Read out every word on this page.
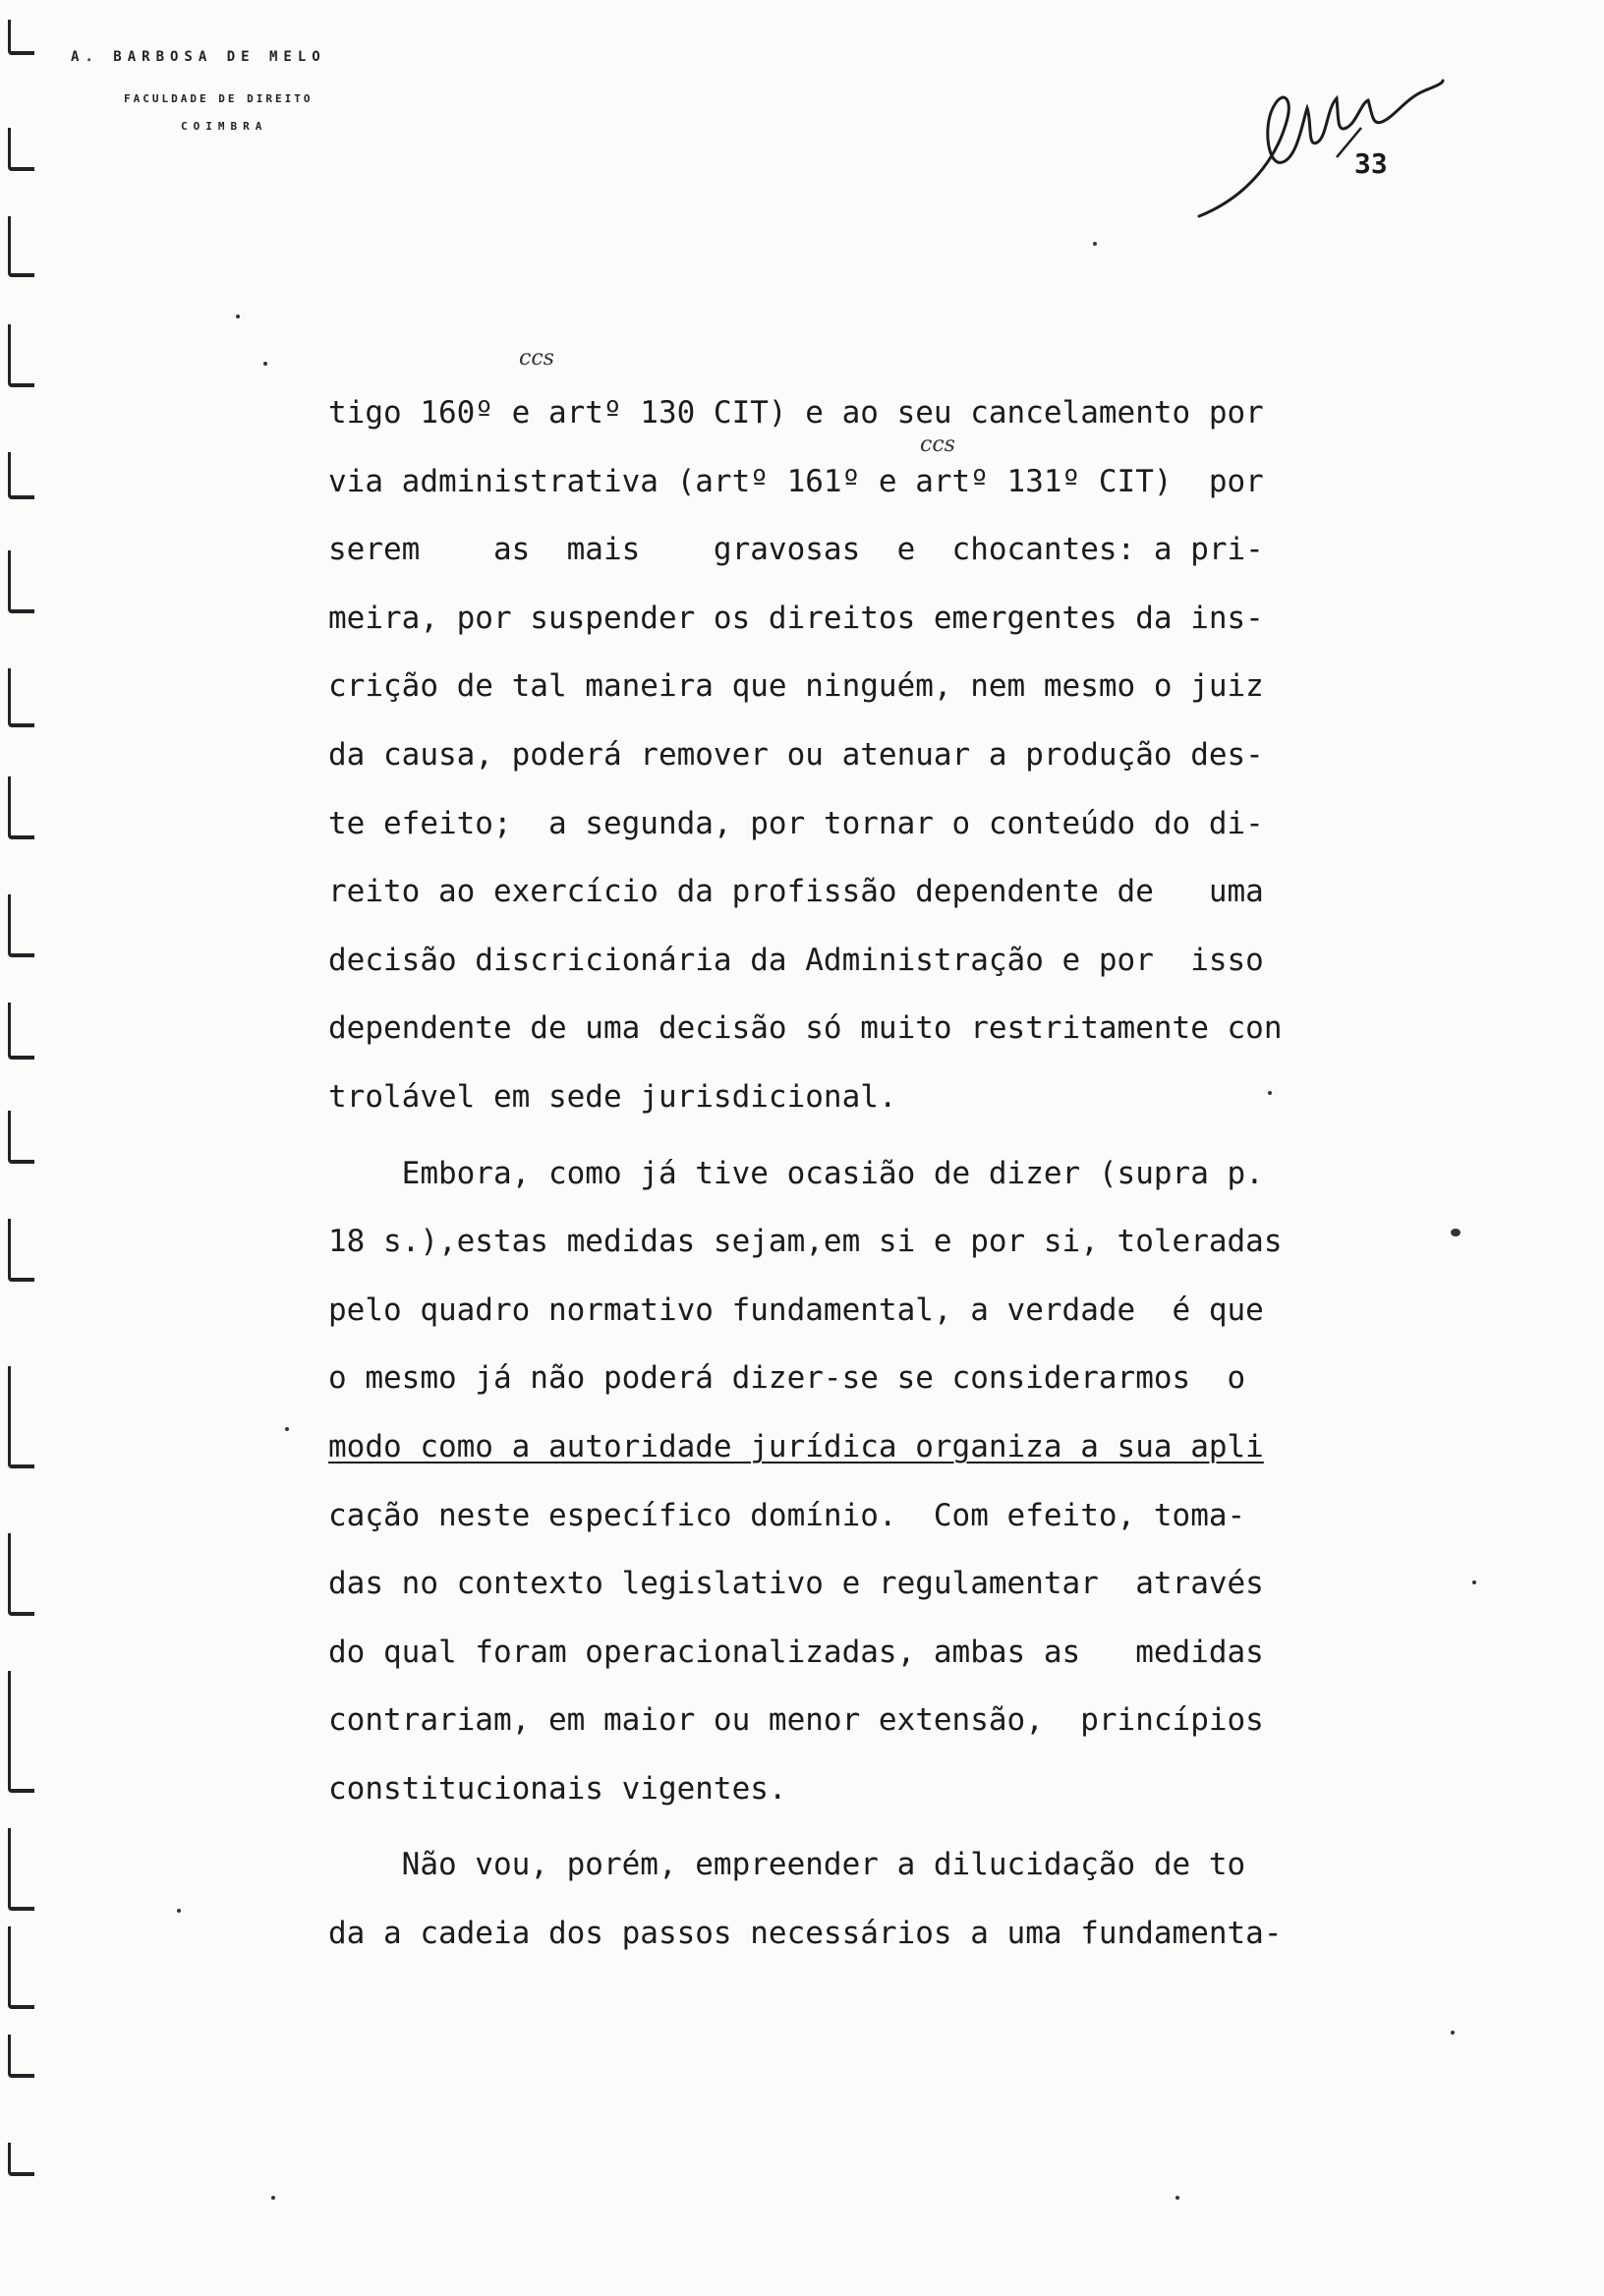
A. BARBOSA DE MELO
FACULDADE DE DIREITO
COIMBRA
33
ccs
ccs
tigo 160º e artº 130 CIT) e ao seu cancelamento por
via administrativa (artº 161º e artº 131º CIT)  por
serem    as  mais    gravosas  e  chocantes: a pri-
meira, por suspender os direitos emergentes da ins-
crição de tal maneira que ninguém, nem mesmo o juiz
da causa, poderá remover ou atenuar a produção des-
te efeito;  a segunda, por tornar o conteúdo do di-
reito ao exercício da profissão dependente de   uma
decisão discricionária da Administração e por  isso
dependente de uma decisão só muito restritamente con
trolável em sede jurisdicional.
Embora, como já tive ocasião de dizer (supra p.
18 s.),estas medidas sejam,em si e por si, toleradas
pelo quadro normativo fundamental, a verdade  é que
o mesmo já não poderá dizer-se se considerarmos  o
modo como a autoridade jurídica organiza a sua apli
cação neste específico domínio.  Com efeito, toma-
das no contexto legislativo e regulamentar  através
do qual foram operacionalizadas, ambas as   medidas
contrariam, em maior ou menor extensão,  princípios
constitucionais vigentes.
Não vou, porém, empreender a dilucidação de to
da a cadeia dos passos necessários a uma fundamenta-
